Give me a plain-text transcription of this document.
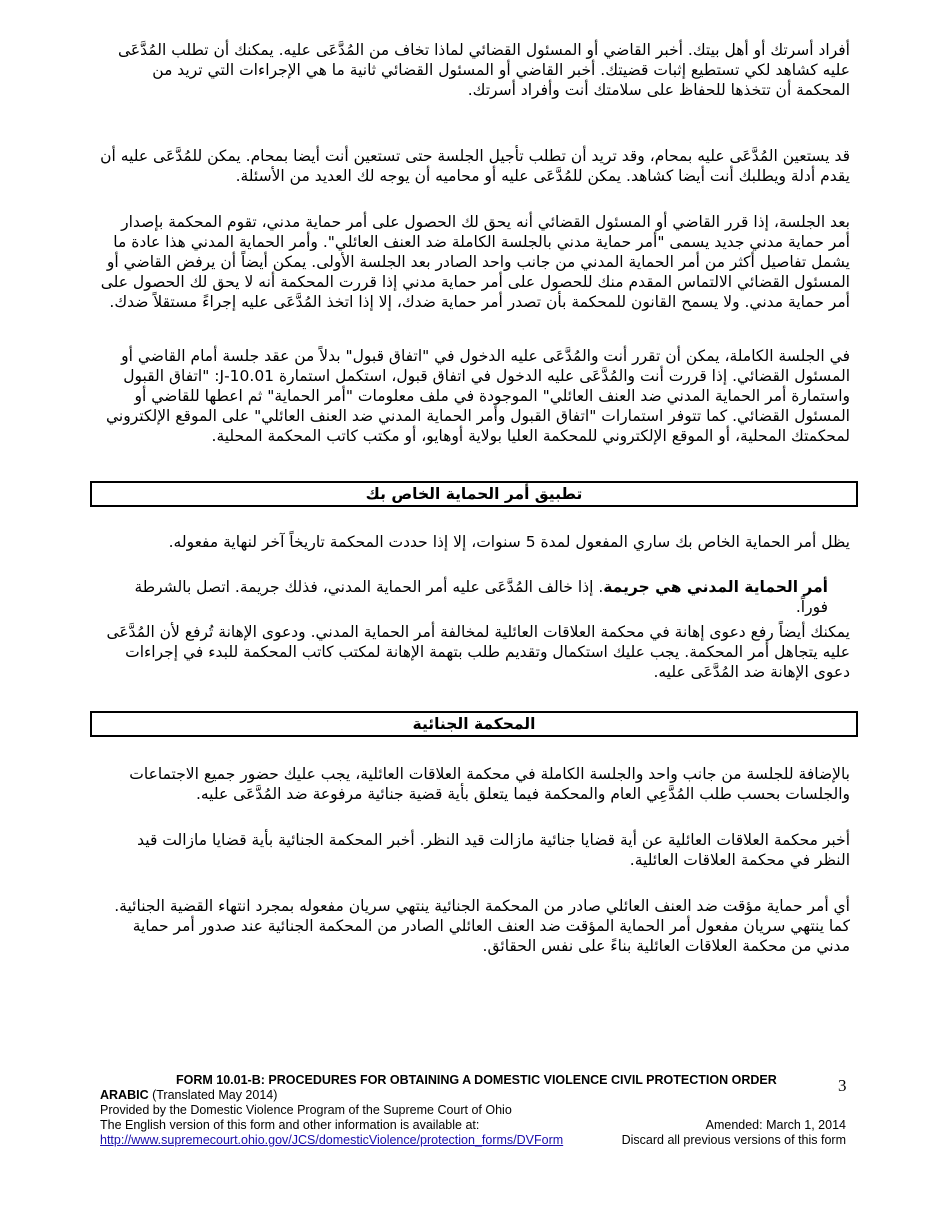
أفراد أسرتك أو أهل بيتك. أخبر القاضي أو المسئول القضائي لماذا تخاف من المُدَّعَى عليه. يمكنك أن تطلب المُدَّعَى عليه كشاهد لكي تستطيع إثبات قضيتك. أخبر القاضي أو المسئول القضائي ثانية ما هي الإجراءات التي تريد من المحكمة أن تتخذها للحفاظ على سلامتك أنت وأفراد أسرتك.

قد يستعين المُدَّعَى عليه بمحام، وقد تريد أن تطلب تأجيل الجلسة حتى تستعين أنت أيضا بمحام. يمكن للمُدَّعَى عليه أن يقدم أدلة ويطلبك أنت أيضا كشاهد. يمكن للمُدَّعَى عليه أو محاميه أن يوجه لك العديد من الأسئلة.

بعد الجلسة، إذا قرر القاضي أو المسئول القضائي أنه يحق لك الحصول على أمر حماية مدني، تقوم المحكمة بإصدار أمر حماية مدني جديد يسمى "أمر حماية مدني بالجلسة الكاملة ضد العنف العائلي". وأمر الحماية المدني هذا عادة ما يشمل تفاصيل أكثر من أمر الحماية المدني من جانب واحد الصادر بعد الجلسة الأولى. يمكن أيضاً أن يرفض القاضي أو المسئول القضائي الالتماس المقدم منك للحصول على أمر حماية مدني إذا قررت المحكمة أنه لا يحق لك الحصول على أمر حماية مدني. ولا يسمح القانون للمحكمة بأن تصدر أمر حماية ضدك، إلا إذا اتخذ المُدَّعَى عليه إجراءً مستقلاً ضدك.

في الجلسة الكاملة، يمكن أن تقرر أنت والمُدَّعَى عليه الدخول في "اتفاق قبول" بدلاً من عقد جلسة أمام القاضي أو المسئول القضائي. إذا قررت أنت والمُدَّعَى عليه الدخول في اتفاق قبول، استكمل استمارة 10.01-J: "اتفاق القبول واستمارة أمر الحماية المدني ضد العنف العائلي" الموجودة في ملف معلومات "أمر الحماية" ثم اعطها للقاضي أو المسئول القضائي. كما تتوفر استمارات "اتفاق القبول وأمر الحماية المدني ضد العنف العائلي" على الموقع الإلكتروني لمحكمتك المحلية، أو الموقع الإلكتروني للمحكمة العليا بولاية أوهايو، أو مكتب كاتب المحكمة المحلية.

تطبيق أمر الحماية الخاص بك

يظل أمر الحماية الخاص بك ساري المفعول لمدة 5 سنوات، إلا إذا حددت المحكمة تاريخاً آخر لنهاية مفعوله.

أمر الحماية المدني هي جريمة. إذا خالف المُدَّعَى عليه أمر الحماية المدني، فذلك جريمة. اتصل بالشرطة فوراً.

يمكنك أيضاً رفع دعوى إهانة في محكمة العلاقات العائلية لمخالفة أمر الحماية المدني. ودعوى الإهانة تُرفع لأن المُدَّعَى عليه يتجاهل أمر المحكمة. يجب عليك استكمال وتقديم طلب بتهمة الإهانة لمكتب كاتب المحكمة للبدء في إجراءات دعوى الإهانة ضد المُدَّعَى عليه.

المحكمة الجنائية

بالإضافة للجلسة من جانب واحد والجلسة الكاملة في محكمة العلاقات العائلية، يجب عليك حضور جميع الاجتماعات والجلسات بحسب طلب المُدَّعِي العام والمحكمة فيما يتعلق بأية قضية جنائية مرفوعة ضد المُدَّعَى عليه.

أخبر محكمة العلاقات العائلية عن أية قضايا جنائية مازالت قيد النظر. أخبر المحكمة الجنائية بأية قضايا مازالت قيد النظر في محكمة العلاقات العائلية.

أي أمر حماية مؤقت ضد العنف العائلي صادر من المحكمة الجنائية ينتهي سريان مفعوله بمجرد انتهاء القضية الجنائية. كما ينتهي سريان مفعول أمر الحماية المؤقت ضد العنف العائلي الصادر من المحكمة الجنائية عند صدور أمر حماية مدني من محكمة العلاقات العائلية بناءً على نفس الحقائق.

3
FORM 10.01-B: PROCEDURES FOR OBTAINING A DOMESTIC VIOLENCE CIVIL PROTECTION ORDER
ARABIC (Translated May 2014)
Provided by the Domestic Violence Program of the Supreme Court of Ohio
The English version of this form and other information is available at:	Amended: March 1, 2014
http://www.supremecourt.ohio.gov/JCS/domesticViolence/protection_forms/DVForm	Discard all previous versions of this form
